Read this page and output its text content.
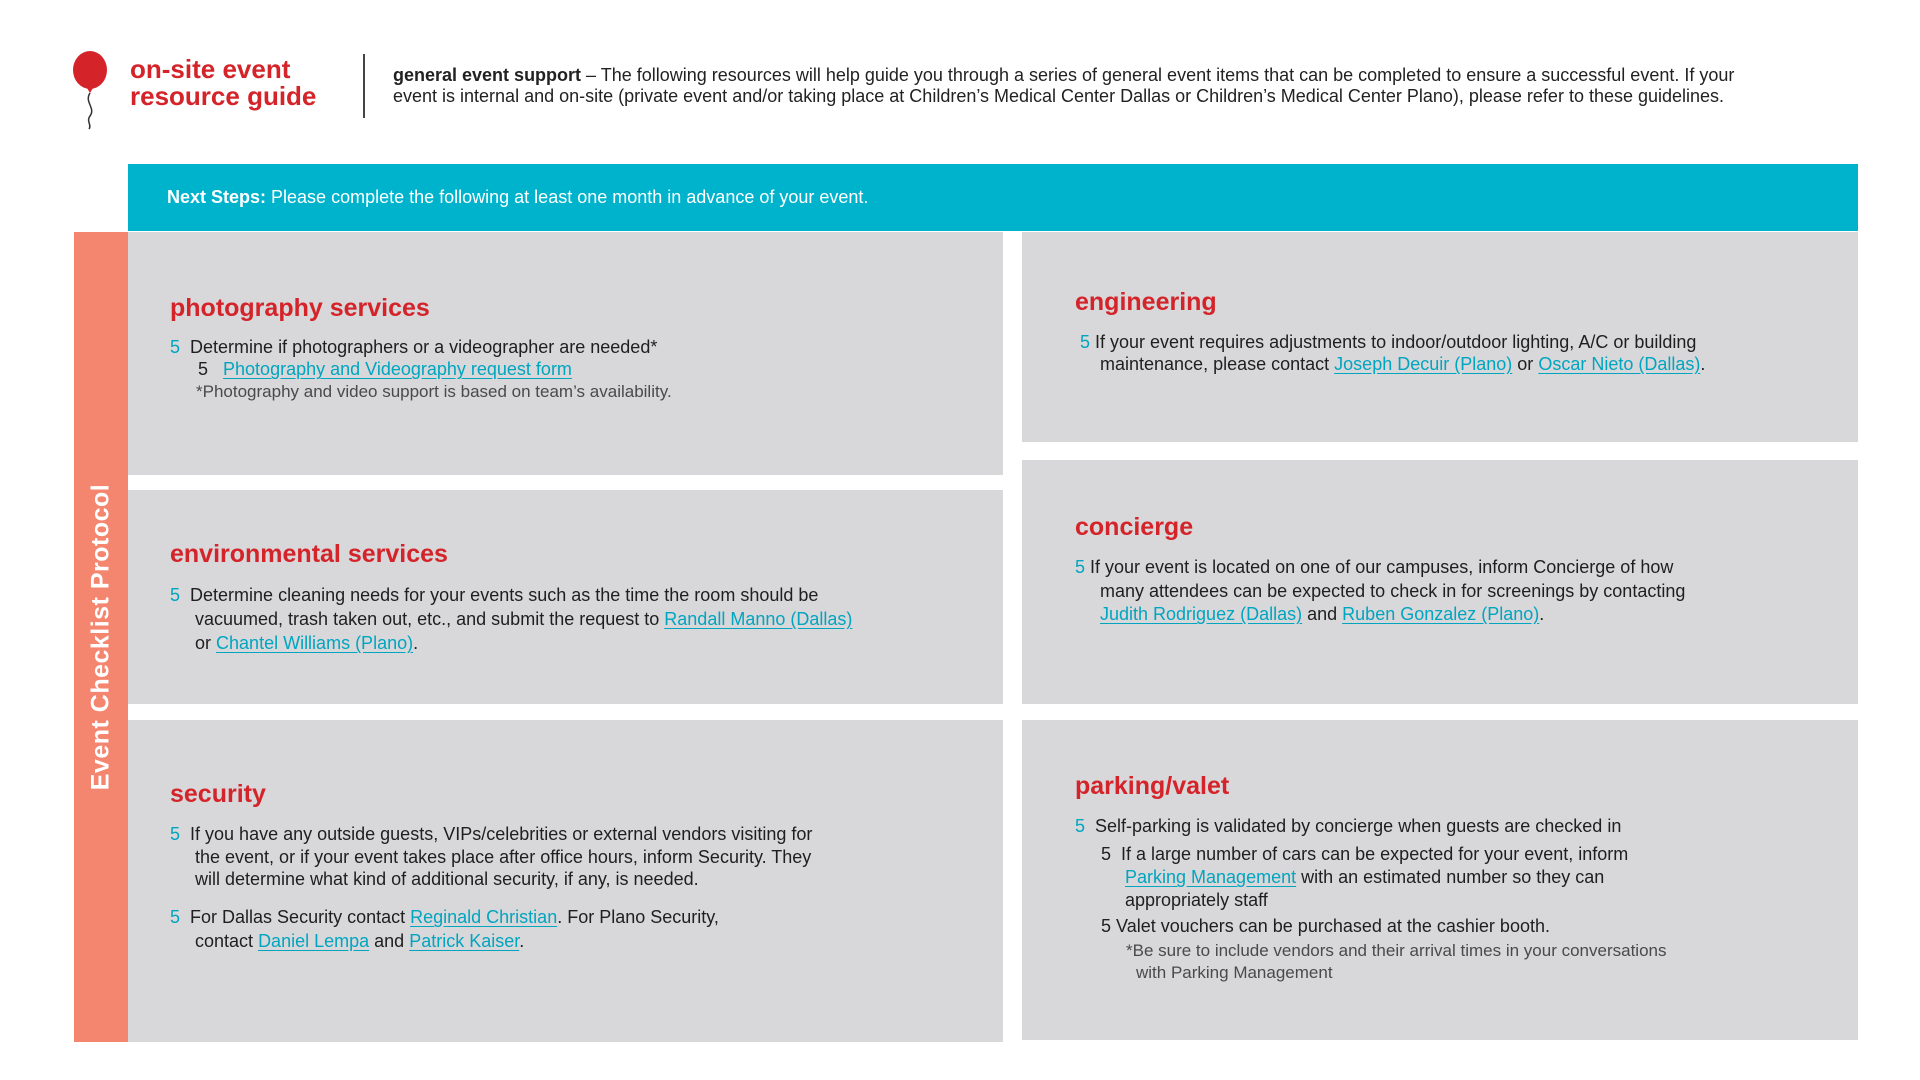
on-site event
resource guide
general event support – The following resources will help guide you through a series of general event items that can be completed to ensure a successful event. If your
event is internal and on-site (private event and/or taking place at Children’s Medical Center Dallas or Children’s Medical Center Plano), please refer to these guidelines.
Next Steps: Please complete the following at least one month in advance of your event.
Event Checklist Protocol
photography services
5 Determine if photographers or a videographer are needed*
5 Photography and Videography request form
*Photography and video support is based on team’s availability.
environmental services
5 Determine cleaning needs for your events such as the time the room should be
vacuumed, trash taken out, etc., and submit the request to Randall Manno (Dallas)
or Chantel Williams (Plano).
security
5 If you have any outside guests, VIPs/celebrities or external vendors visiting for
the event, or if your event takes place after office hours, inform Security. They
will determine what kind of additional security, if any, is needed.
5 For Dallas Security contact Reginald Christian. For Plano Security,
contact Daniel Lempa and Patrick Kaiser.
engineering
5 If your event requires adjustments to indoor/outdoor lighting, A/C or building
maintenance, please contact Joseph Decuir (Plano) or Oscar Nieto (Dallas).
concierge
5 If your event is located on one of our campuses, inform Concierge of how
many attendees can be expected to check in for screenings by contacting
Judith Rodriguez (Dallas) and Ruben Gonzalez (Plano).
parking/valet
5 Self-parking is validated by concierge when guests are checked in
5 If a large number of cars can be expected for your event, inform
Parking Management with an estimated number so they can
appropriately staff
5 Valet vouchers can be purchased at the cashier booth.
*Be sure to include vendors and their arrival times in your conversations
with Parking Management
